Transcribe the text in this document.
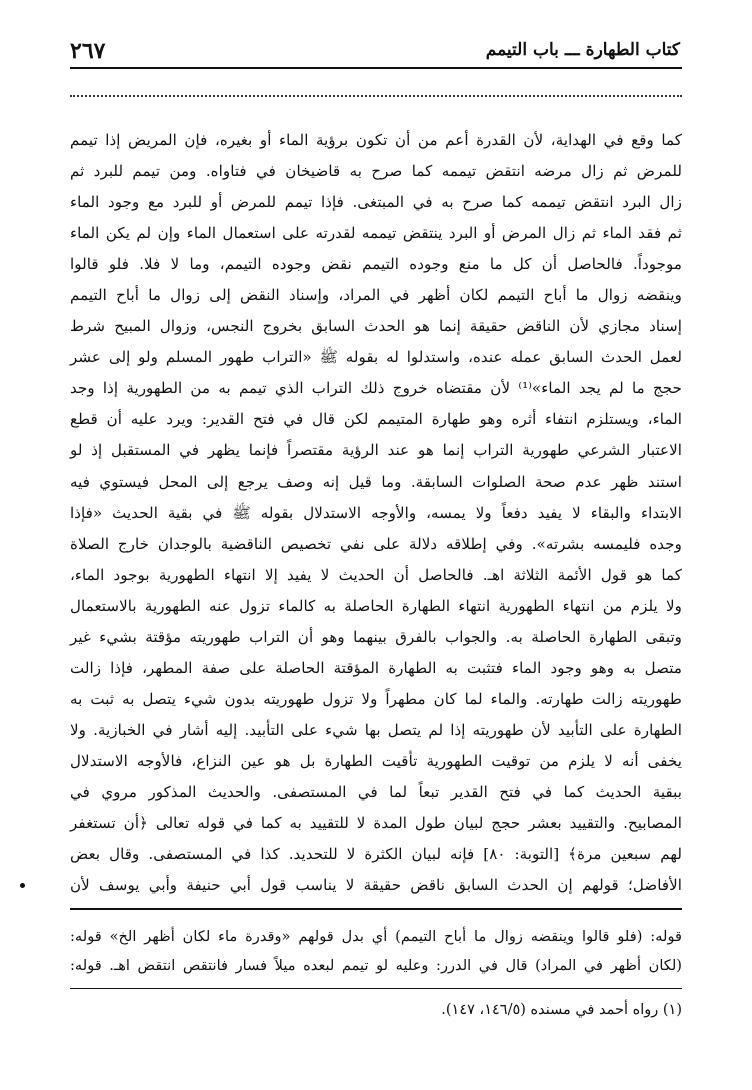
٢٦٧	كتاب الطهارة ـــ باب التيمم
كما وقع في الهداية، لأن القدرة أعم من أن تكون برؤية الماء أو بغيره، فإن المريض إذا تيمم
للمرض ثم زال مرضه انتقض تيممه كما صرح به قاضيخان في فتاواه. ومن تيمم للبرد ثم
زال البرد انتقض تيممه كما صرح به في المبتغى. فإذا تيمم للمرض أو للبرد مع وجود الماء
ثم فقد الماء ثم زال المرض أو البرد ينتقض تيممه لقدرته على استعمال الماء وإن لم يكن الماء
موجوداً. فالحاصل أن كل ما منع وجوده التيمم نقض وجوده التيمم، وما لا فلا. فلو قالوا
وينقضه زوال ما أباح التيمم لكان أظهر في المراد، وإسناد النقض إلى زوال ما أباح التيمم
إسناد مجازي لأن الناقض حقيقة إنما هو الحدث السابق بخروج النجس، وزوال المبيح شرط
لعمل الحدث السابق عمله عنده، واستدلوا له بقوله ﷺ «التراب طهور المسلم ولو إلى عشر
حجج ما لم يجد الماء»⁽¹⁾ لأن مقتضاه خروج ذلك التراب الذي تيمم به من الطهورية إذا وجد
الماء، ويستلزم انتفاء أثره وهو طهارة المتيمم لكن قال في فتح القدير: ويرد عليه أن قطع
الاعتبار الشرعي طهورية التراب إنما هو عند الرؤية مقتصراً فإنما يظهر في المستقبل إذ لو
استند ظهر عدم صحة الصلوات السابقة. وما قيل إنه وصف يرجع إلى المحل فيستوي فيه
الابتداء والبقاء لا يفيد دفعاً ولا يمسه، والأوجه الاستدلال بقوله ﷺ في بقية الحديث «فإذا
وجده فليمسه بشرته». وفي إطلاقه دلالة على نفي تخصيص الناقضية بالوجدان خارج الصلاة
كما هو قول الأئمة الثلاثة اهـ. فالحاصل أن الحديث لا يفيد إلا انتهاء الطهورية بوجود الماء،
ولا يلزم من انتهاء الطهورية انتهاء الطهارة الحاصلة به كالماء تزول عنه الطهورية بالاستعمال
وتبقى الطهارة الحاصلة به. والجواب بالفرق بينهما وهو أن التراب طهوريته مؤقتة بشيء غير
متصل به وهو وجود الماء فتثبت به الطهارة المؤقتة الحاصلة على صفة المطهر، فإذا زالت
طهوريته زالت طهارته. والماء لما كان مطهراً ولا تزول طهوريته بدون شيء يتصل به ثبت به
الطهارة على التأبيد لأن طهوريته إذا لم يتصل بها شيء على التأبيد. إليه أشار في الخبازية. ولا
يخفى أنه لا يلزم من توقيت الطهورية تأقيت الطهارة بل هو عين النزاع، فالأوجه الاستدلال
ببقية الحديث كما في فتح القدير تبعاً لما في المستصفى. والحديث المذكور مروي في
المصابيح. والتقييد بعشر حجج لبيان طول المدة لا للتقييد به كما في قوله تعالى ﴿أن تستغفر
لهم سبعين مرة﴾ [التوبة: ٨٠] فإنه لبيان الكثرة لا للتحديد. كذا في المستصفى. وقال بعض
الأفاضل؛ قولهم إن الحدث السابق ناقض حقيقة لا يناسب قول أبي حنيفة وأبي يوسف لأن
قوله: (فلو قالوا وينقضه زوال ما أباح التيمم) أي بدل قولهم «وقدرة ماء لكان أظهر الخ» قوله:
(لكان أظهر في المراد) قال في الدرر: وعليه لو تيمم لبعده ميلاً فسار فانتقص انتقض اهـ. قوله:
(١) رواه أحمد في مسنده (١٤٦/٥، ١٤٧).
